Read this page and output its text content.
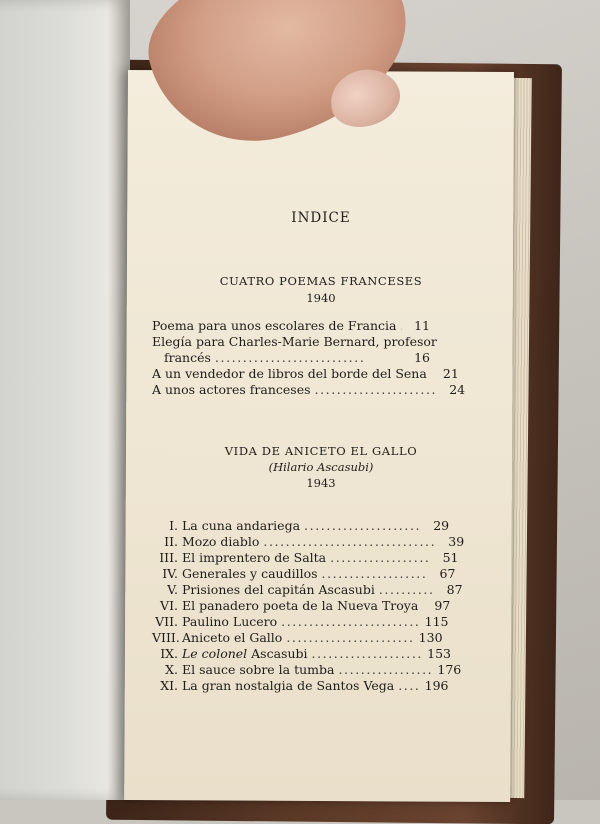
INDICE
CUATRO POEMAS FRANCESES
1940
Poema para unos escolares de Francia	11
Elegía para Charles-Marie Bernard, profesor
francés ...........................	16
A un vendedor de libros del borde del Sena	21
A unos actores franceses ...................... 24
VIDA DE ANICETO EL GALLO
(Hilario Ascasubi)
1943
I. La cuna andariega ..................... 29
II. Mozo diablo ............................... 39
III. El imprentero de Salta .................. 51
IV. Generales y caudillos ................... 67
V. Prisiones del capitán Ascasubi .......... 87
VI. El panadero poeta de la Nueva Troya	97
VII. Paulino Lucero ......................... 115
VIII. Aniceto el Gallo ....................... 130
IX. Le colonel Ascasubi .................... 153
X. El sauce sobre la tumba ................. 176
XI. La gran nostalgia de Santos Vega .... 196
